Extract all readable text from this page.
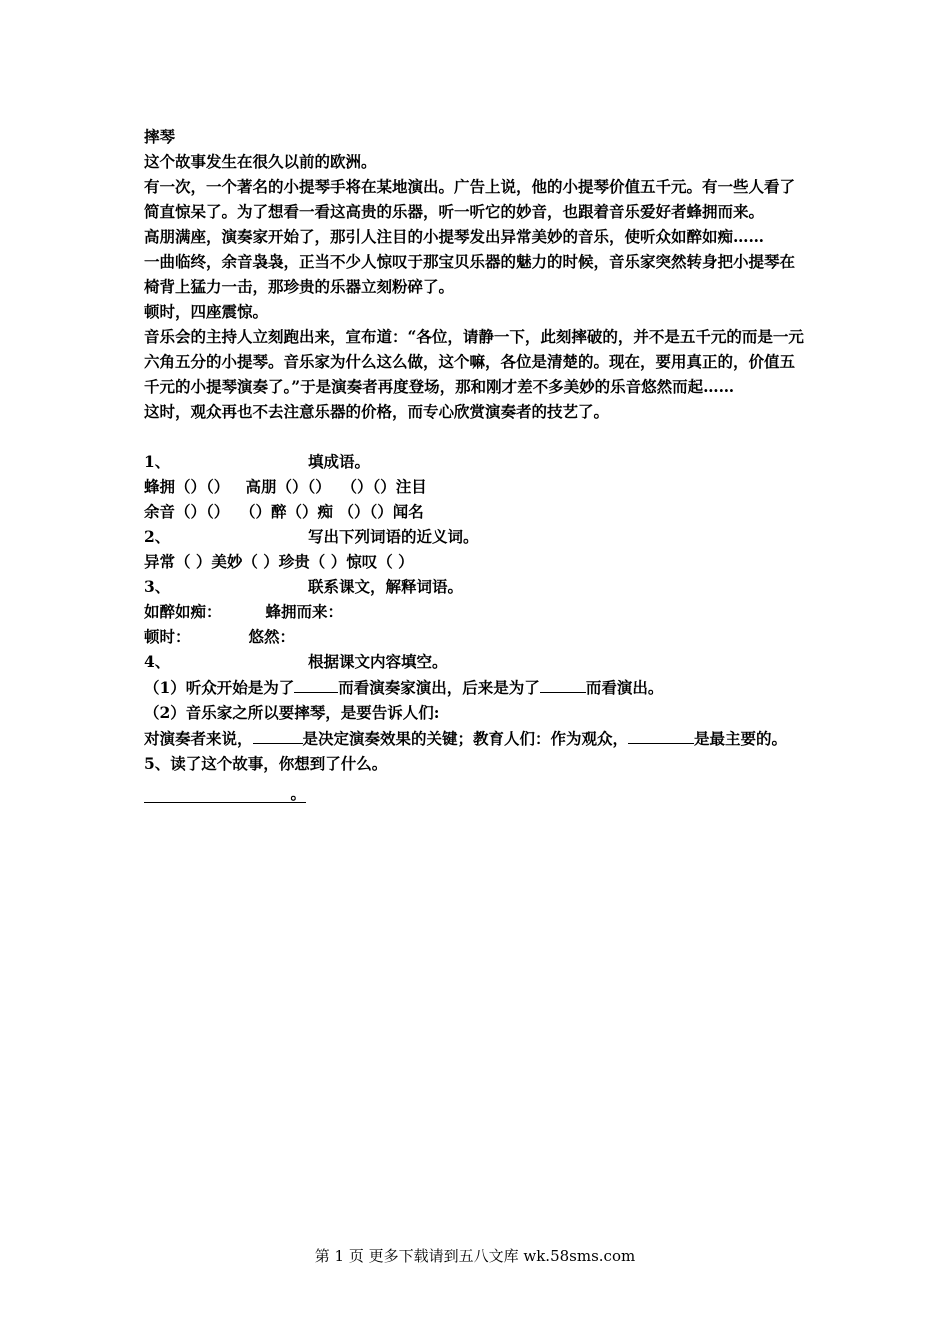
摔琴

这个故事发生在很久以前的欧洲。

有一次，一个著名的小提琴手将在某地演出。广告上说，他的小提琴价值五千元。有一些人看了简直惊呆了。为了想看一看这高贵的乐器，听一听它的妙音，也跟着音乐爱好者蜂拥而来。

高朋满座，演奏家开始了，那引人注目的小提琴发出异常美妙的音乐，使听众如醉如痴……

一曲临终，余音袅袅，正当不少人惊叹于那宝贝乐器的魅力的时候，音乐家突然转身把小提琴在椅背上猛力一击，那珍贵的乐器立刻粉碎了。

顿时，四座震惊。

音乐会的主持人立刻跑出来，宣布道：“各位，请静一下，此刻摔破的，并不是五千元的而是一元六角五分的小提琴。音乐家为什么这么做，这个嘛，各位是清楚的。现在，要用真正的，价值五千元的小提琴演奏了。”于是演奏者再度登场，那和刚才差不多美妙的乐音悠然而起……

这时，观众再也不去注意乐器的价格，而专心欣赏演奏者的技艺了。

1、	填成语。

蜂拥（）（）   高朋（）（）  （）（）注目

余音（）（）  （）醉（）痴 （）（）闻名

2、	写出下列词语的近义词。

异常（ ）美妙（ ）珍贵（ ）惊叹（ ）

3、	联系课文，解释词语。

如醉如痴：	蜂拥而来：

顿时：	悠然：

4、	根据课文内容填空。

（1）听众开始是为了	而看演奏家演出，后来是为了	而看演出。

（2）音乐家之所以要摔琴，是要告诉人们:

对演奏者来说，	是决定演奏效果的关键；教育人们：作为观众，	是最主要的。

5、读了这个故事，你想到了什么。

。

第 1 页 更多下载请到五八文库 wk.58sms.com
